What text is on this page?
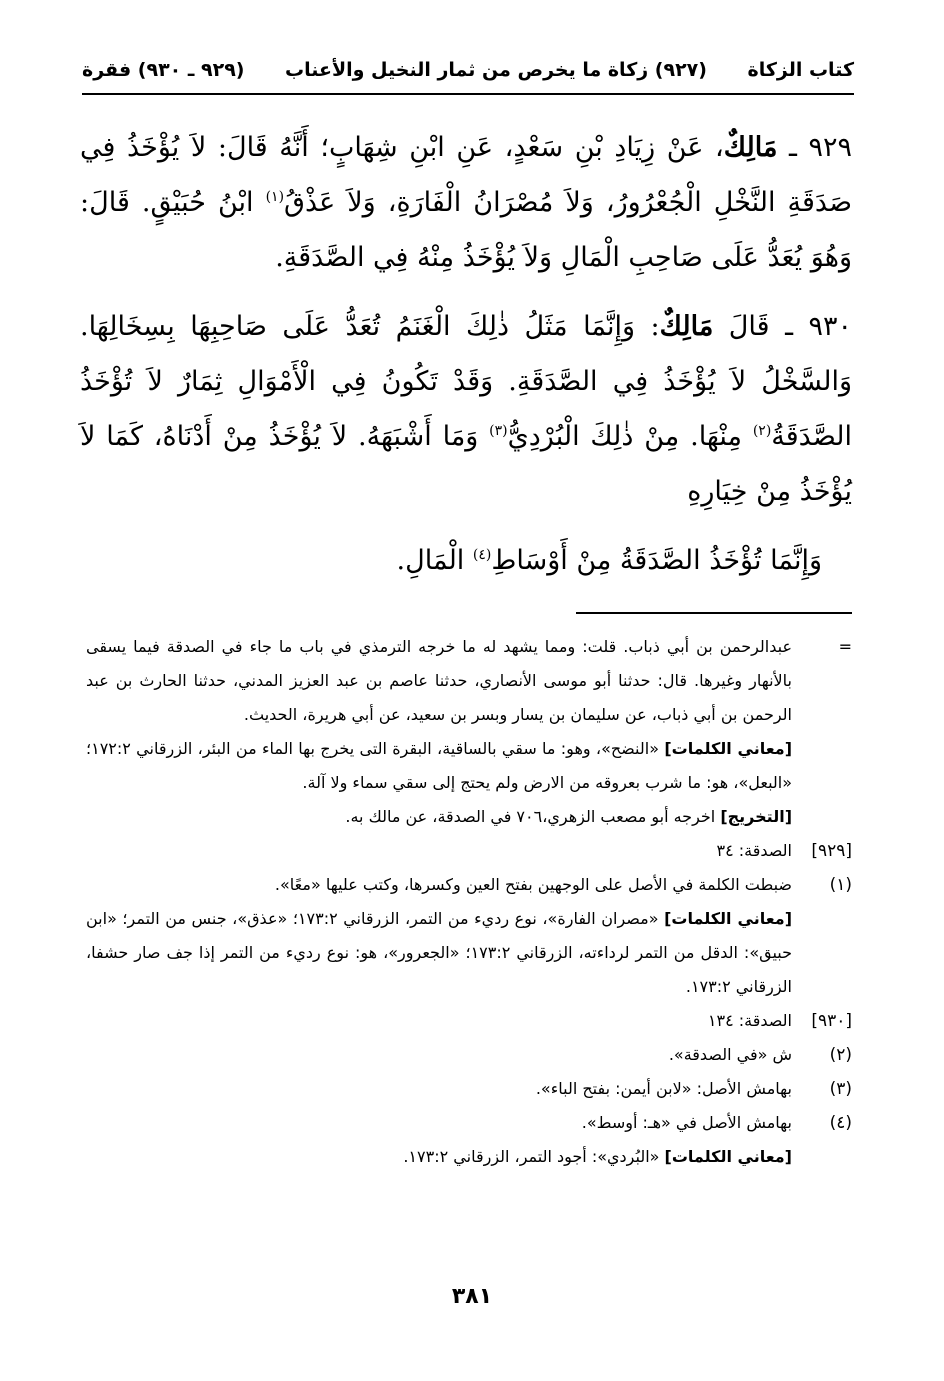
كتاب الزكاة
(٩٢٧) زكاة ما يخرص من ثمار النخيل والأعناب
(٩٢٩ ـ ٩٣٠) فقرة

٩٢٩ ـ مَالِكٌ، عَنْ زِيَادِ بْنِ سَعْدٍ، عَنِ ابْنِ شِهَابٍ؛ أَنَّهُ قَالَ: لاَ يُؤْخَذُ فِي صَدَقَةِ النَّخْلِ الْجُعْرُورُ، وَلاَ مُصْرَانُ الْفَارَةِ، وَلاَ عَذْقُ$^{(١)}$ ابْنُ حُبَيْقٍ. قَالَ: وَهُوَ يُعَدُّ عَلَى صَاحِبِ الْمَالِ وَلاَ يُؤْخَذُ مِنْهُ فِي الصَّدَقَةِ.

٩٣٠ ـ قَالَ مَالِكٌ: وَإِنَّمَا مَثَلُ ذٰلِكَ الْغَنَمُ تُعَدُّ عَلَى صَاحِبِهَا بِسِخَالِهَا. وَالسَّخْلُ لاَ يُؤْخَذُ فِي الصَّدَقَةِ. وَقَدْ تَكُونُ فِي الْأَمْوَالِ ثِمَارٌ لاَ تُؤْخَذُ الصَّدَقَةُ$^{(٢)}$ مِنْهَا. مِنْ ذٰلِكَ الْبُرْدِيُّ$^{(٣)}$ وَمَا أَشْبَهَهُ. لاَ يُؤْخَذُ مِنْ أَدْنَاهُ، كَمَا لاَ يُؤْخَذُ مِنْ خِيَارِهِ

وَإِنَّمَا تُؤْخَذُ الصَّدَقَةُ مِنْ أَوْسَاطِ$^{(٤)}$ الْمَالِ.

=

عبدالرحمن بن أبي ذباب. قلت: ومما يشهد له ما خرجه الترمذي في باب ما جاء في الصدقة فيما يسقى بالأنهار وغيرها. قال: حدثنا أبو موسى الأنصاري، حدثنا عاصم بن عبد العزيز المدني، حدثنا الحارث بن عبد الرحمن بن أبي ذباب، عن سليمان بن يسار وبسر بن سعيد، عن أبي هريرة، الحديث.

[معاني الكلمات] «النضح»، وهو: ما سقي بالساقية، البقرة التى يخرج بها الماء من البئر، الزرقاني ١٧٢:٢؛ «البعل»، هو: ما شرب بعروقه من الارض ولم يحتج إلى سقي سماء ولا آلة.

[التخريج] اخرجه أبو مصعب الزهري،٧٠٦ في الصدقة، عن مالك به.

[٩٢٩]
الصدقة: ٣٤
(١)

ضبطت الكلمة في الأصل على الوجهين بفتح العين وكسرها، وكتب عليها «معًا».

[معاني الكلمات] «مصران الفارة»، نوع رديء من التمر، الزرقاني ١٧٣:٢؛ «عذق»، جنس من التمر؛ «ابن حبيق»: الدقل من التمر لرداءته، الزرقاني ١٧٣:٢؛ «الجعرور»، هو: نوع رديء من التمر إذا جف صار حشفا، الزرقاني ١٧٣:٢.

[٩٣٠]
الصدقة: ١٣٤
(٢)
ش «في الصدقة».
(٣)
بهامش الأصل: «لابن أيمن: بفتح الباء».
(٤)

بهامش الأصل في «هـ: أوسط».

[معاني الكلمات] «البُردي»: أجود التمر، الزرقاني ١٧٣:٢.

٣٨١
